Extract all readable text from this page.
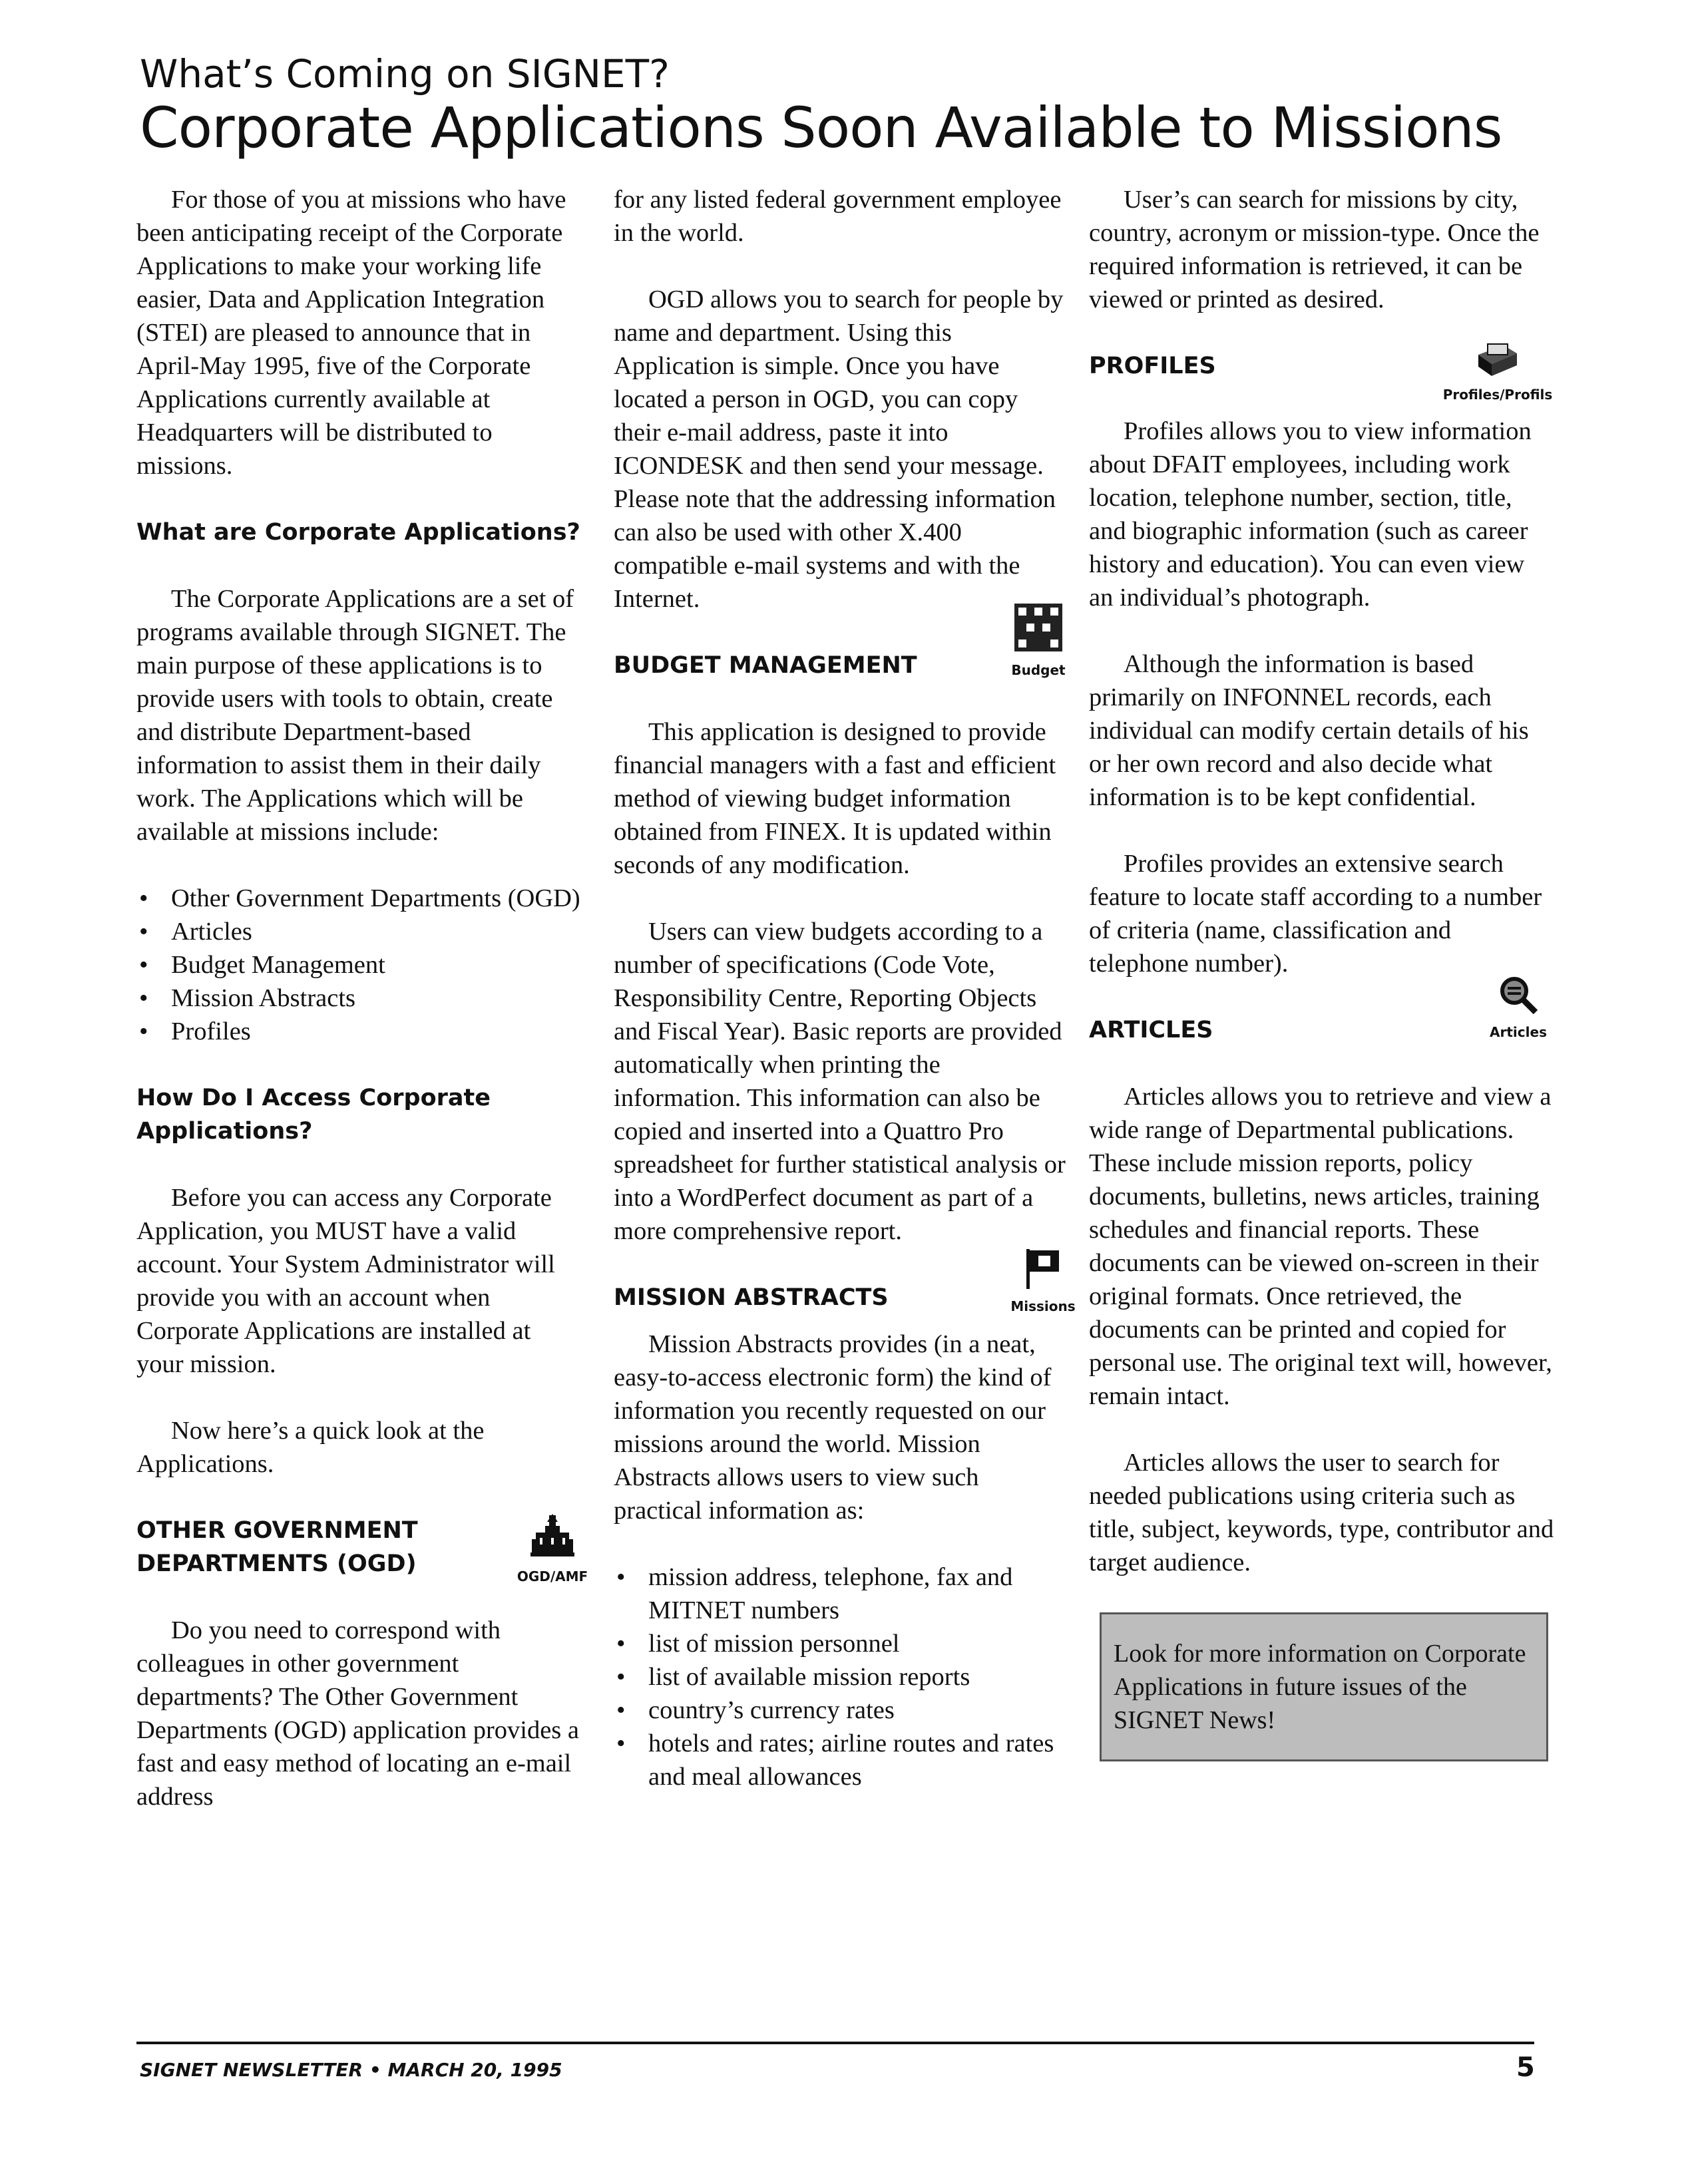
What’s Coming on SIGNET?
Corporate Applications Soon Available to Missions

For those of you at missions who have been anticipating receipt of the Corporate Applications to make your working life easier, Data and Application Integration (STEI) are pleased to announce that in April-May 1995, five of the Corporate Applications currently available at Headquarters will be distributed to missions.

What are Corporate Applications?

The Corporate Applications are a set of programs available through SIGNET. The main purpose of these applications is to provide users with tools to obtain, create and distribute Department-based information to assist them in their daily work. The Applications which will be available at missions include:

• Other Government Departments (OGD)
• Articles
• Budget Management
• Mission Abstracts
• Profiles
How Do I Access Corporate Applications?

Before you can access any Corporate Application, you MUST have a valid account. Your System Administrator will provide you with an account when Corporate Applications are installed at your mission.

Now here’s a quick look at the Applications.

OTHER GOVERNMENT
DEPARTMENTS (OGD)	OGD/AMF

Do you need to correspond with colleagues in other government departments? The Other Government Departments (OGD) application provides a fast and easy method of locating an e-mail address

for any listed federal government employee in the world.

OGD allows you to search for people by name and department. Using this Application is simple. Once you have located a person in OGD, you can copy their e-mail address, paste it into ICONDESK and then send your message. Please note that the addressing information can also be used with other X.400 compatible e-mail systems and with the Internet.

BUDGET MANAGEMENT	Budget

This application is designed to provide financial managers with a fast and efficient method of viewing budget information obtained from FINEX. It is updated within seconds of any modification.

Users can view budgets according to a number of specifications (Code Vote, Responsibility Centre, Reporting Objects and Fiscal Year). Basic reports are provided automatically when printing the information. This information can also be copied and inserted into a Quattro Pro spreadsheet for further statistical analysis or into a WordPerfect document as part of a more comprehensive report.

MISSION ABSTRACTS	Missions

Mission Abstracts provides (in a neat, easy-to-access electronic form) the kind of information you recently requested on our missions around the world. Mission Abstracts allows users to view such practical information as:

• mission address, telephone, fax and MITNET numbers
• list of mission personnel
• list of available mission reports
• country’s currency rates
• hotels and rates; airline routes and rates and meal allowances

User’s can search for missions by city, country, acronym or mission-type. Once the required information is retrieved, it can be viewed or printed as desired.

PROFILES
Profiles/Profils

Profiles allows you to view information about DFAIT employees, including work location, telephone number, section, title, and biographic information (such as career history and education). You can even view an individual’s photograph.

Although the information is based primarily on INFONNEL records, each individual can modify certain details of his or her own record and also decide what information is to be kept confidential.

Profiles provides an extensive search feature to locate staff according to a number of criteria (name, classification and telephone number).

ARTICLES	Articles

Articles allows you to retrieve and view a wide range of Departmental publications. These include mission reports, policy documents, bulletins, news articles, training schedules and financial reports. These documents can be viewed on-screen in their original formats. Once retrieved, the documents can be printed and copied for personal use. The original text will, however, remain intact.

Articles allows the user to search for needed publications using criteria such as title, subject, keywords, type, contributor and target audience.

Look for more information on Corporate Applications in future issues of the SIGNET News!
SIGNET NEWSLETTER • MARCH 20, 1995	5
